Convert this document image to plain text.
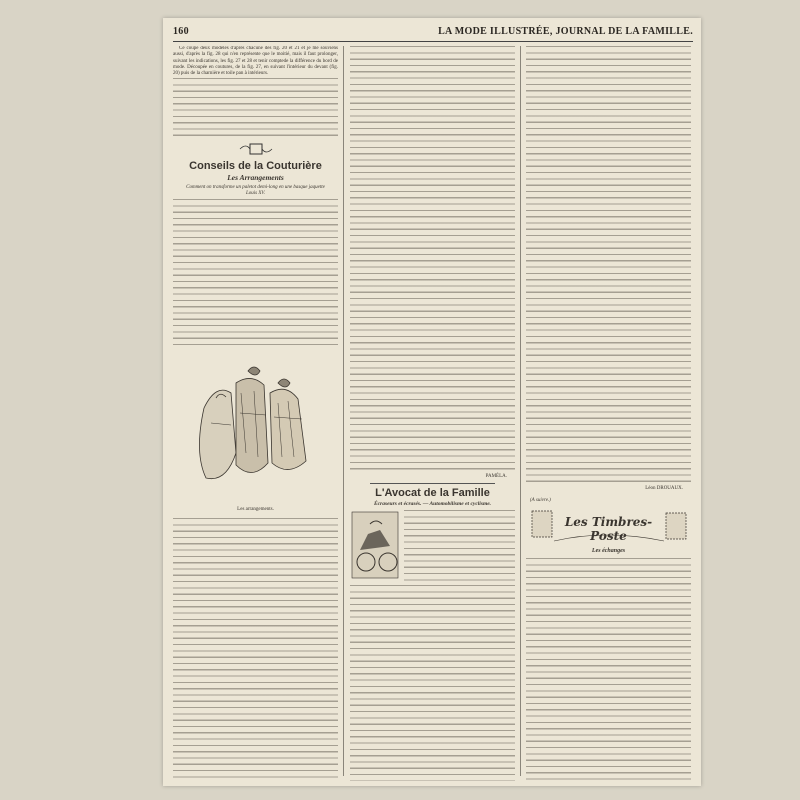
160	LA MODE ILLUSTRÉE, JOURNAL DE LA FAMILLE.

Ce coupe deux modèles d'après chacune des fig. 20 et 21 et je me souviens aussi, d'après la fig. 28 qui n'en représente que le moitié, mais il faut prolonger, suivant les indications, les fig. 27 et 28 et tenir comptede la différence du bord de mode. Découpée en coutures, de la fig. 27, en suivant l'intérieur du devant (fig. 20) puis de la charnière et toile pan à intérieurs.

Conseils de la Couturière
Les Arrangements
Comment on transforme un paletot demi-long en une basque jaquette Louis XV.
Les arrangements.
PAMÉLA.
L'Avocat de la Famille
Écraseurs et écrasés. — Automobilisme et cyclisme.
Léon DROUAUX.
(A suivre.)
Les Timbres-Poste
Les échanges
